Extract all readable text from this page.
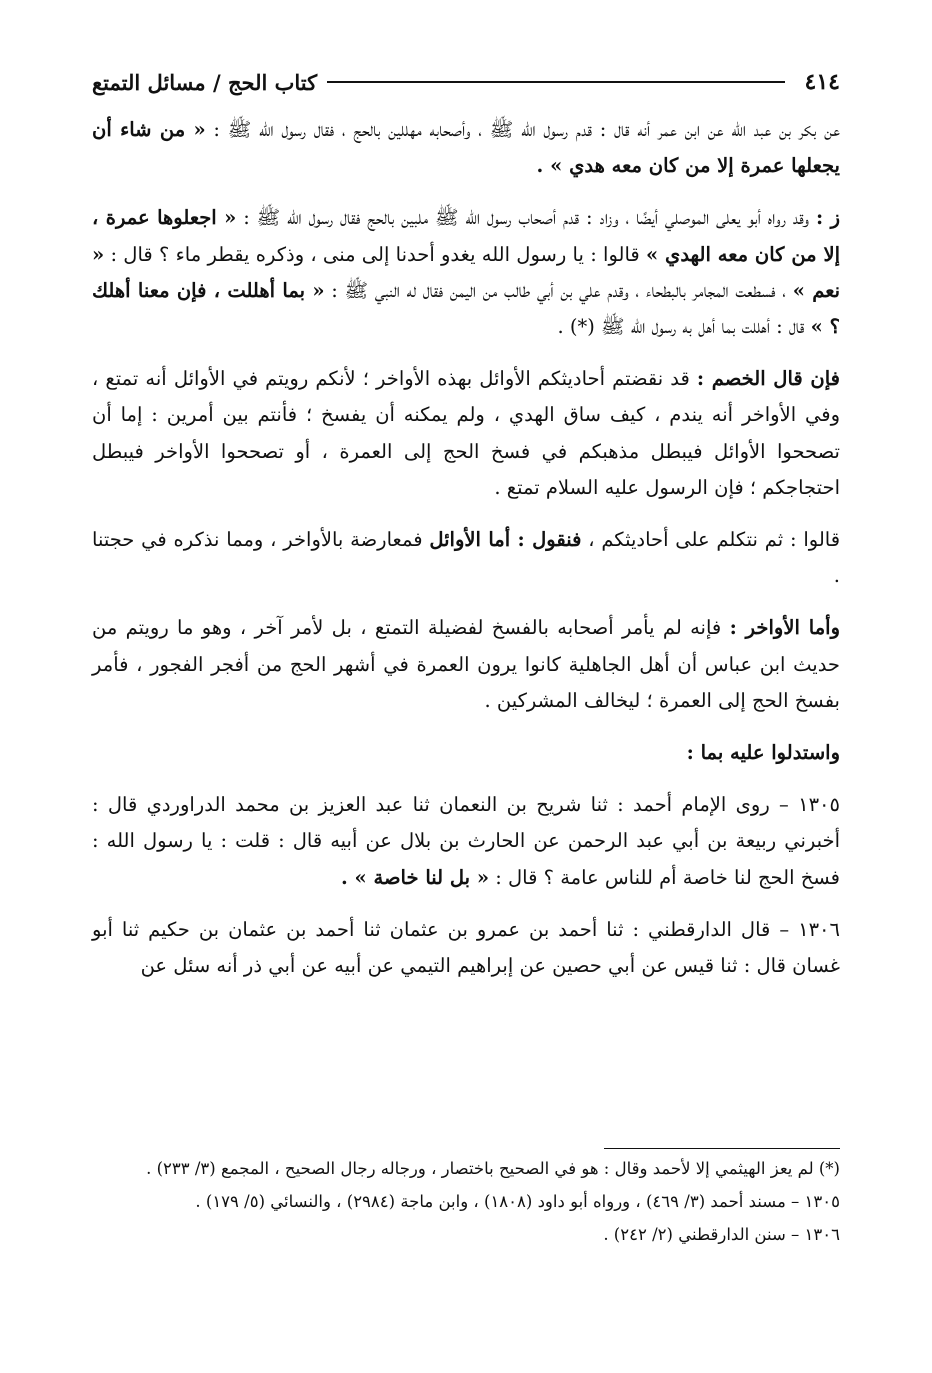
٤١٤
كتاب الحج / مسائل التمتع

عن بكر بن عبد الله عن ابن عمر أنه قال : قدم رسول الله ﷺ ، وأصحابه مهللين بالحج ، فقال رسول الله ﷺ : « من شاء أن يجعلها عمرة إلا من كان معه هدي » .

ز : وقد رواه أبو يعلى الموصلي أيضًا ، وزاد : قدم أصحاب رسول الله ﷺ ملبين بالحج فقال رسول الله ﷺ : « اجعلوها عمرة ، إلا من كان معه الهدي » قالوا : يا رسول الله يغدو أحدنا إلى منى ، وذكره يقطر ماء ؟ قال : « نعم » ، فسطعت المجامر بالبطحاء ، وقدم علي بن أبي طالب من اليمن فقال له النبي ﷺ : « بما أهللت ، فإن معنا أهلك ؟ » قال : أهللت بما أهل به رسول الله ﷺ (*) .

فإن قال الخصم : قد نقضتم أحاديثكم الأوائل بهذه الأواخر ؛ لأنكم رويتم في الأوائل أنه تمتع ، وفي الأواخر أنه يندم ، كيف ساق الهدي ، ولم يمكنه أن يفسخ ؛ فأنتم بين أمرين : إما أن تصححوا الأوائل فيبطل مذهبكم في فسخ الحج إلى العمرة ، أو تصححوا الأواخر فيبطل احتجاجكم ؛ فإن الرسول عليه السلام تمتع .

قالوا : ثم نتكلم على أحاديثكم ، فنقول : أما الأوائل فمعارضة بالأواخر ، ومما نذكره في حجتنا .

وأما الأواخر : فإنه لم يأمر أصحابه بالفسخ لفضيلة التمتع ، بل لأمر آخر ، وهو ما رويتم من حديث ابن عباس أن أهل الجاهلية كانوا يرون العمرة في أشهر الحج من أفجر الفجور ، فأمر بفسخ الحج إلى العمرة ؛ ليخالف المشركين .

واستدلوا عليه بما :

١٣٠٥ – روى الإمام أحمد : ثنا شريح بن النعمان ثنا عبد العزيز بن محمد الدراوردي قال : أخبرني ربيعة بن أبي عبد الرحمن عن الحارث بن بلال عن أبيه قال : قلت : يا رسول الله : فسخ الحج لنا خاصة أم للناس عامة ؟ قال : « بل لنا خاصة » .

١٣٠٦ – قال الدارقطني : ثنا أحمد بن عمرو بن عثمان ثنا أحمد بن عثمان بن حكيم ثنا أبو غسان قال : ثنا قيس عن أبي حصين عن إبراهيم التيمي عن أبيه عن أبي ذر أنه سئل عن

(*) لم يعز الهيثمي إلا لأحمد وقال : هو في الصحيح باختصار ، ورجاله رجال الصحيح ، المجمع (٣/ ٢٣٣) .

١٣٠٥ – مسند أحمد (٣/ ٤٦٩) ، ورواه أبو داود (١٨٠٨) ، وابن ماجة (٢٩٨٤) ، والنسائي (٥/ ١٧٩) .

١٣٠٦ – سنن الدارقطني (٢/ ٢٤٢) .
